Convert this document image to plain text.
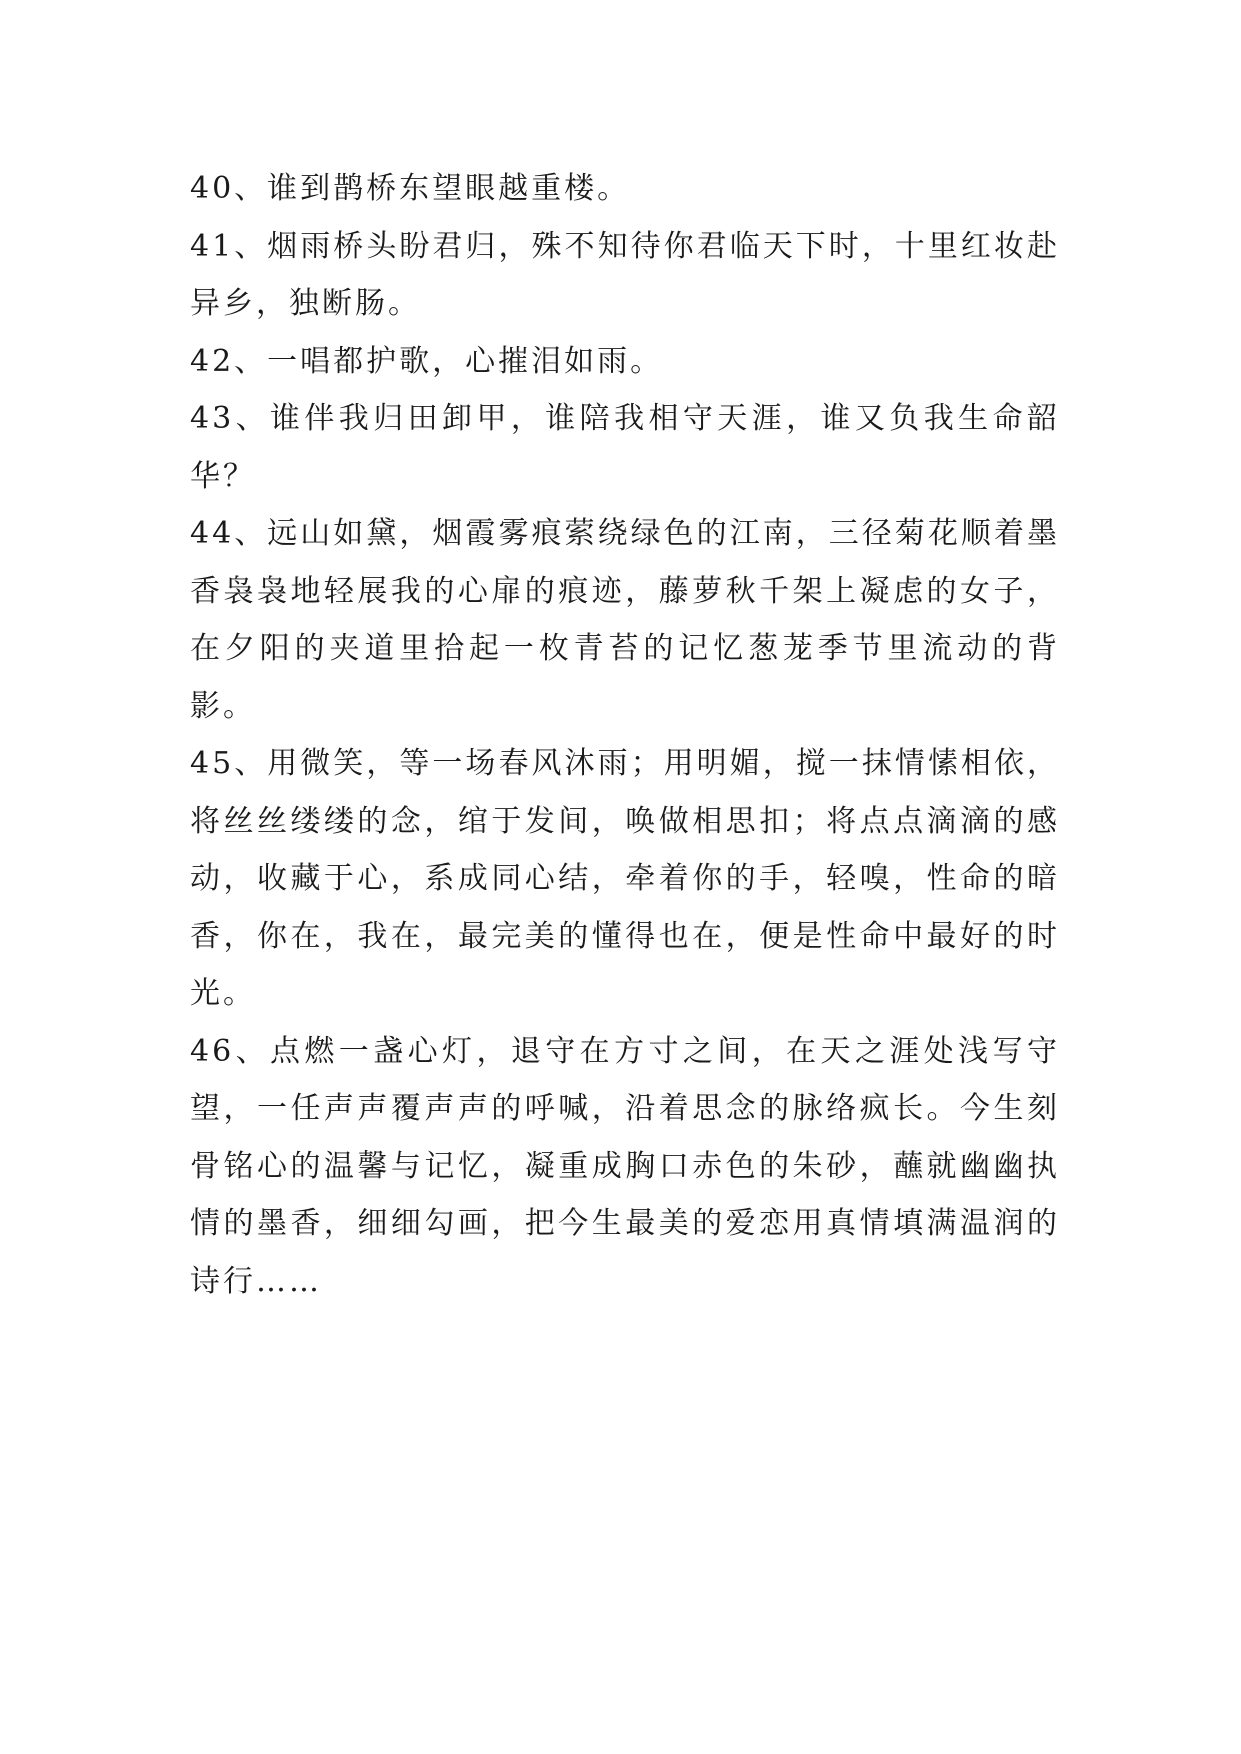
40、谁到鹊桥东望眼越重楼。

41、烟雨桥头盼君归，殊不知待你君临天下时，十里红妆赴异乡，独断肠。

42、一唱都护歌，心摧泪如雨。

43、谁伴我归田卸甲，谁陪我相守天涯，谁又负我生命韶华？

44、远山如黛，烟霞雾痕萦绕绿色的江南，三径菊花顺着墨香袅袅地轻展我的心扉的痕迹，藤萝秋千架上凝虑的女子，在夕阳的夹道里拾起一枚青苔的记忆葱茏季节里流动的背影。

45、用微笑，等一场春风沐雨；用明媚，搅一抹情愫相依，将丝丝缕缕的念，绾于发间，唤做相思扣；将点点滴滴的感动，收藏于心，系成同心结，牵着你的手，轻嗅，性命的暗香，你在，我在，最完美的懂得也在，便是性命中最好的时光。

46、点燃一盏心灯，退守在方寸之间，在天之涯处浅写守望，一任声声覆声声的呼喊，沿着思念的脉络疯长。今生刻骨铭心的温馨与记忆，凝重成胸口赤色的朱砂，蘸就幽幽执情的墨香，细细勾画，把今生最美的爱恋用真情填满温润的诗行……
